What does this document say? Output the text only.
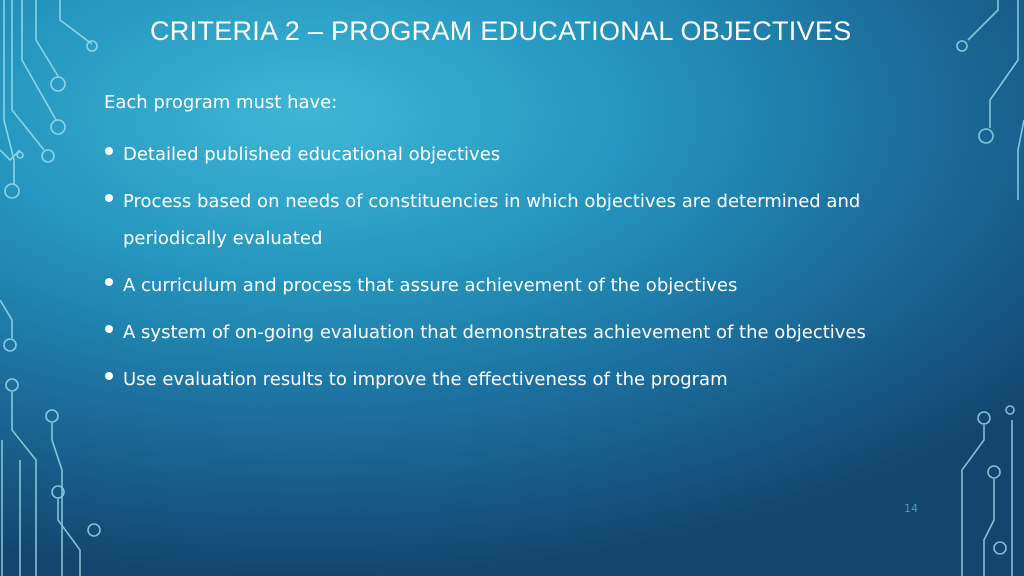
CRITERIA 2 – PROGRAM EDUCATIONAL OBJECTIVES
Each program must have:
Detailed published educational objectives
Process based on needs of constituencies in which objectives are determined and periodically evaluated
A curriculum and process that assure achievement of the objectives
A system of on-going evaluation that demonstrates achievement of the objectives
Use evaluation results to improve the effectiveness of the program
14
